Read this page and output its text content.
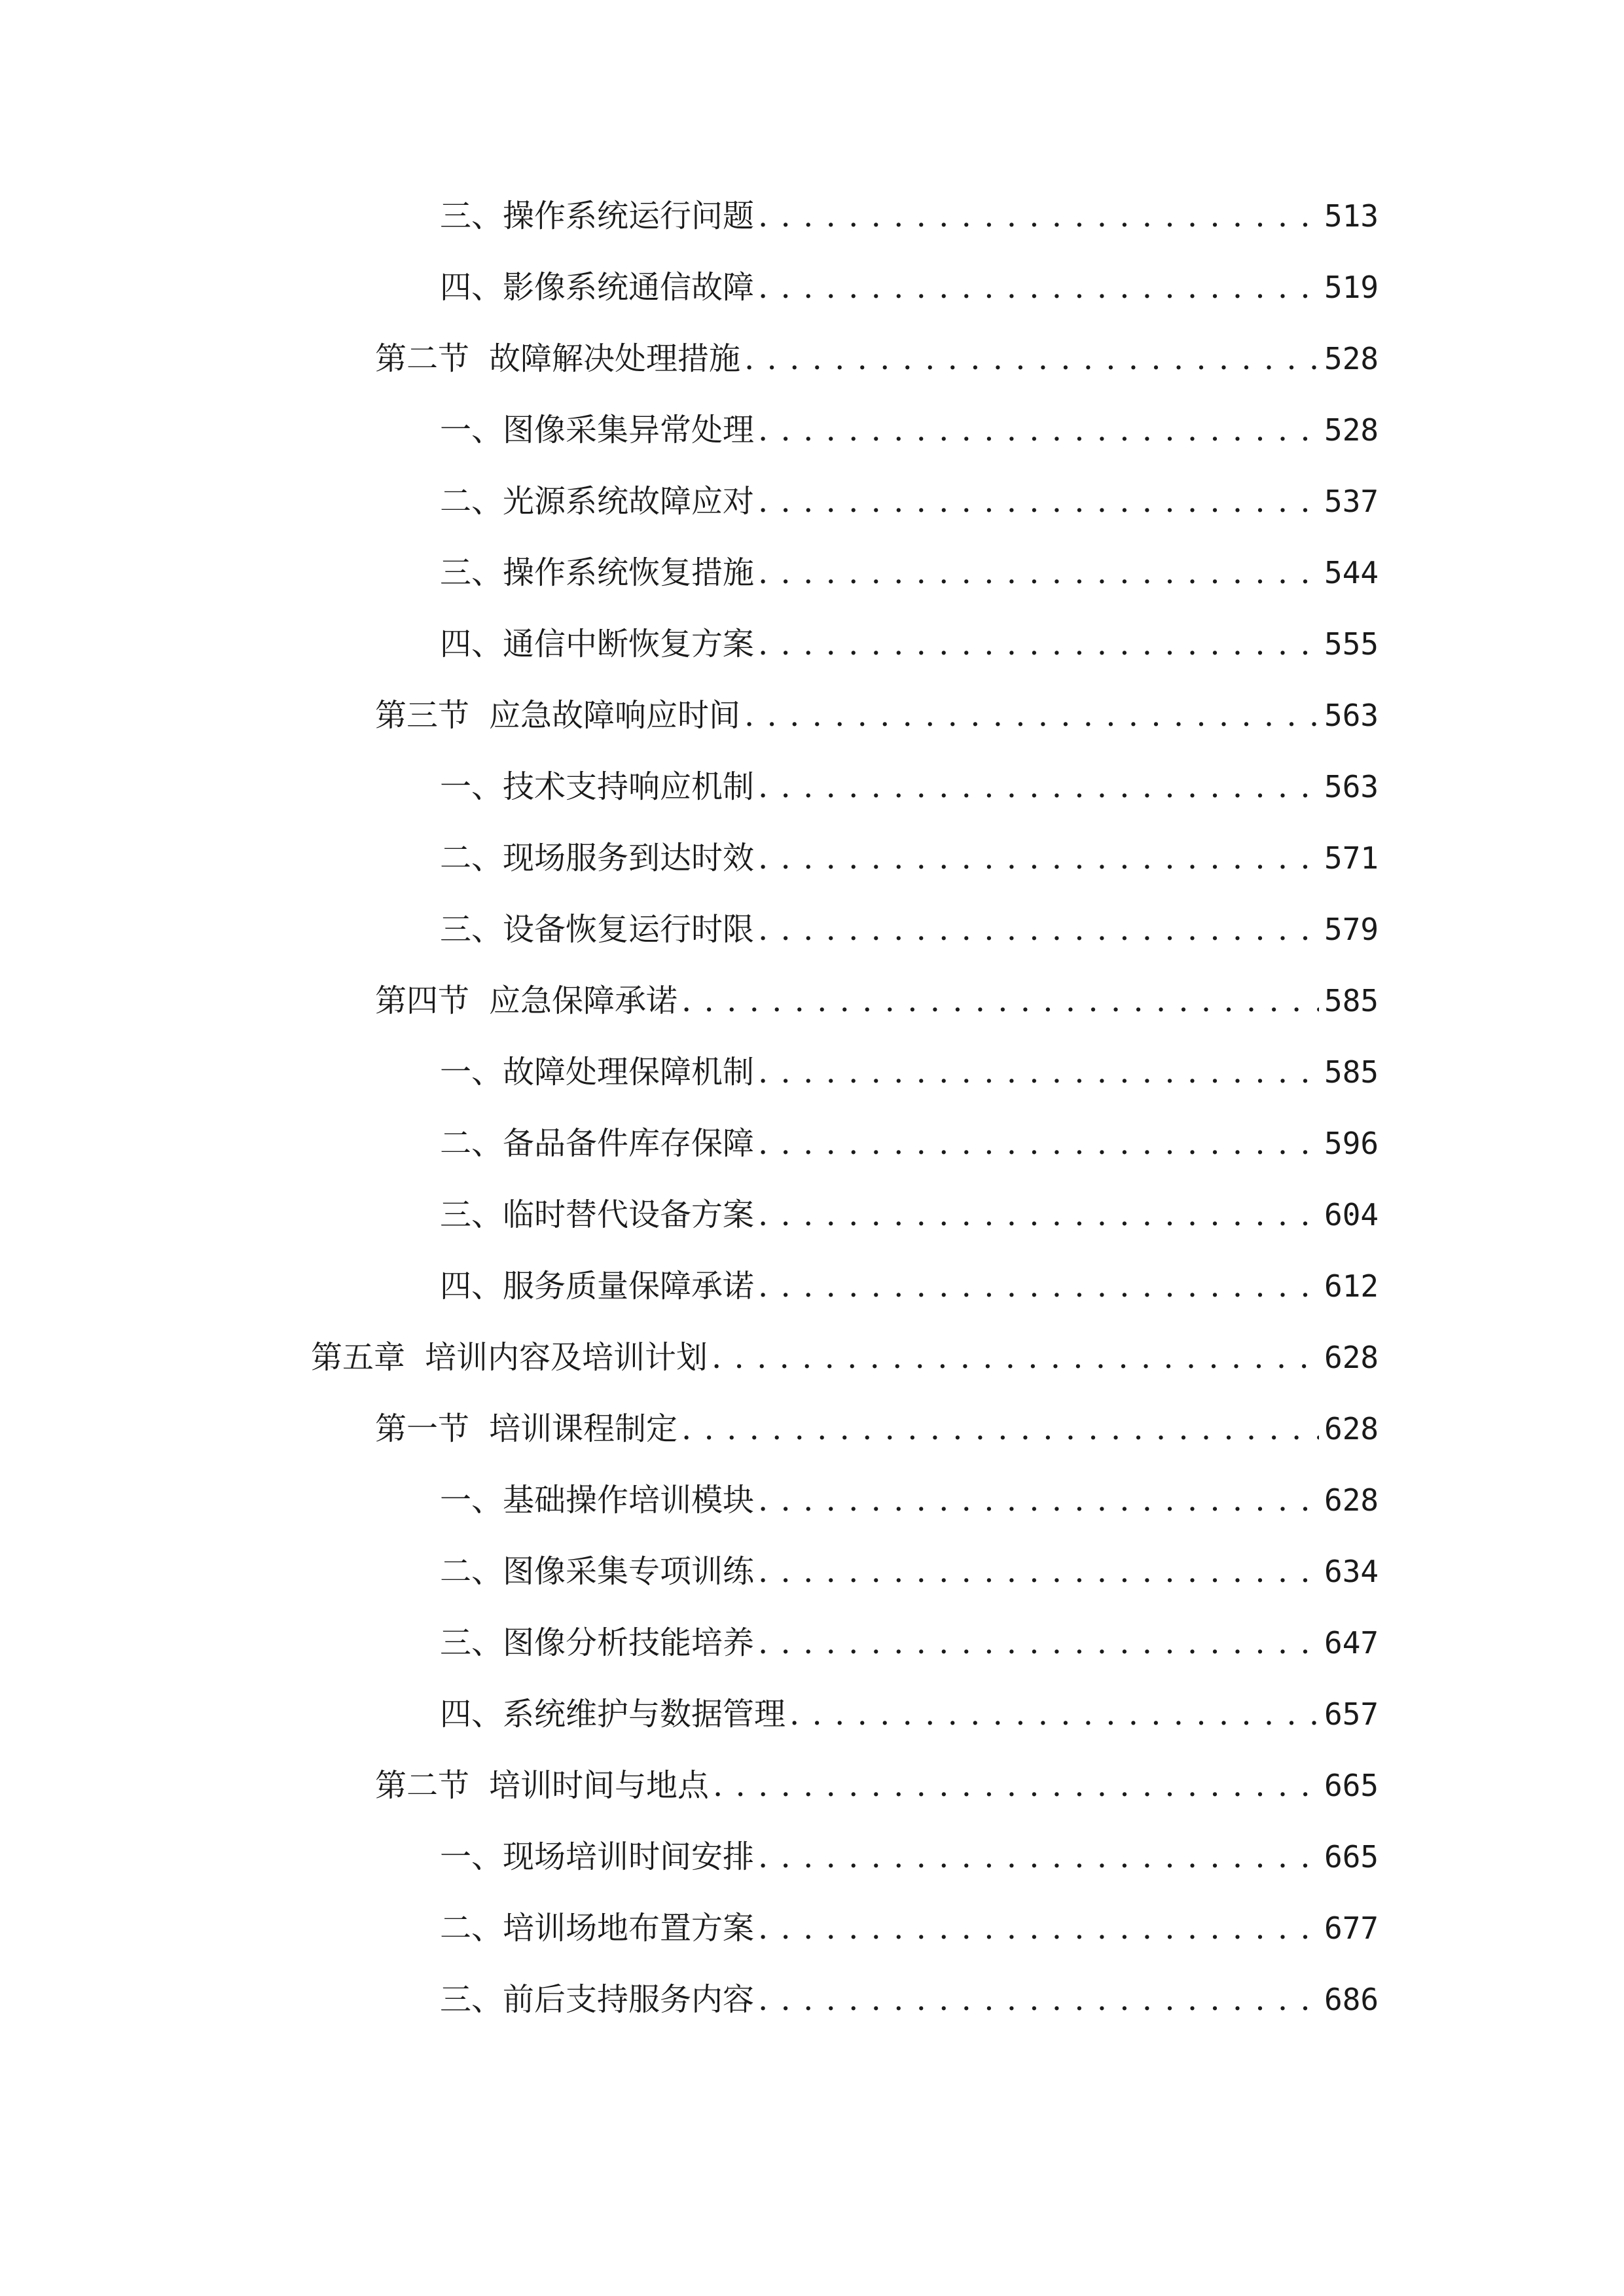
三、 操作系统运行问题 . . .	513
四、 影像系统通信故障 . . .	519
第二节 故障解决处理措施 . . .	528
一、 图像采集异常处理 . . .	528
二、 光源系统故障应对 . . .	537
三、 操作系统恢复措施 . . .	544
四、 通信中断恢复方案 . . .	555
第三节 应急故障响应时间 . . .	563
一、 技术支持响应机制 . . .	563
二、 现场服务到达时效 . . .	571
三、 设备恢复运行时限 . . .	579
第四节 应急保障承诺 . . .	585
一、 故障处理保障机制 . . .	585
二、 备品备件库存保障 . . .	596
三、 临时替代设备方案 . . .	604
四、 服务质量保障承诺 . . .	612
第五章 培训内容及培训计划 . . .	628
第一节 培训课程制定 . . .	628
一、 基础操作培训模块 . . .	628
二、 图像采集专项训练 . . .	634
三、 图像分析技能培养 . . .	647
四、 系统维护与数据管理 . . .	657
第二节 培训时间与地点 . . .	665
一、 现场培训时间安排 . . .	665
二、 培训场地布置方案 . . .	677
三、 前后支持服务内容 . . .	686
